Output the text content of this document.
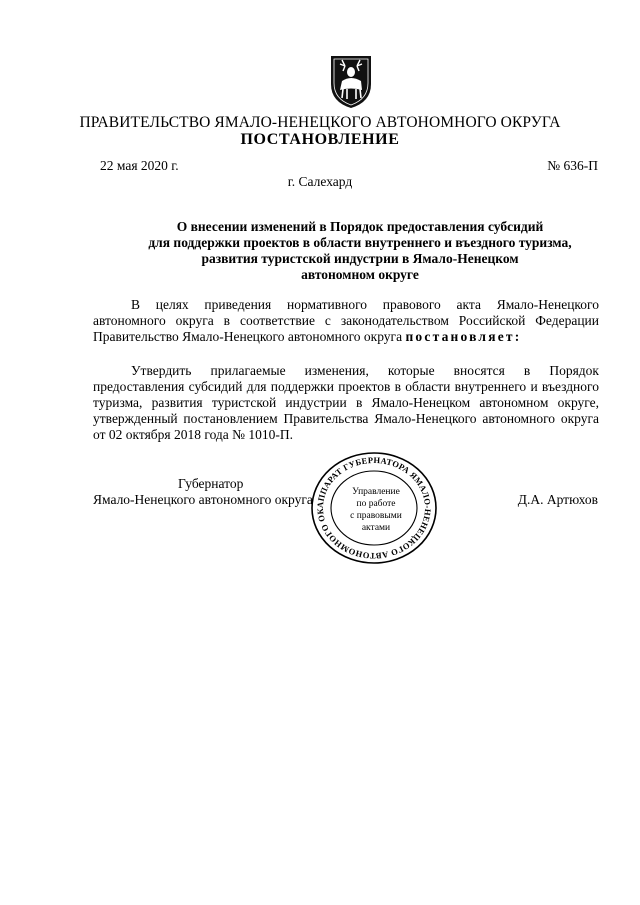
ПРАВИТЕЛЬСТВО ЯМАЛО-НЕНЕЦКОГО АВТОНОМНОГО ОКРУГА
ПОСТАНОВЛЕНИЕ
22 мая 2020 г.	№ 636-П
г. Салехард
О внесении изменений в Порядок предоставления субсидий
для поддержки проектов в области внутреннего и въездного туризма,
развития туристской индустрии в Ямало-Ненецком
автономном округе
В целях приведения нормативного правового акта Ямало-Ненецкого автономного округа в соответствие с законодательством Российской Федерации Правительство Ямало-Ненецкого автономного округа постановляет:
Утвердить прилагаемые изменения, которые вносятся в Порядок предоставления субсидий для поддержки проектов в области внутреннего и въездного туризма, развития туристской индустрии в Ямало-Ненецком автономном округе, утвержденный постановлением Правительства Ямало-Ненецкого автономного округа от 02 октября 2018 года № 1010-П.
Губернатор
Ямало-Ненецкого автономного округа АППАРАТ ГУБЕРНАТОРА ЯМАЛО-НЕНЕЦКОГО АВТОНОМНОГО ОК
Управление
по работе
с правовыми
актами
Д.А. Артюхов
